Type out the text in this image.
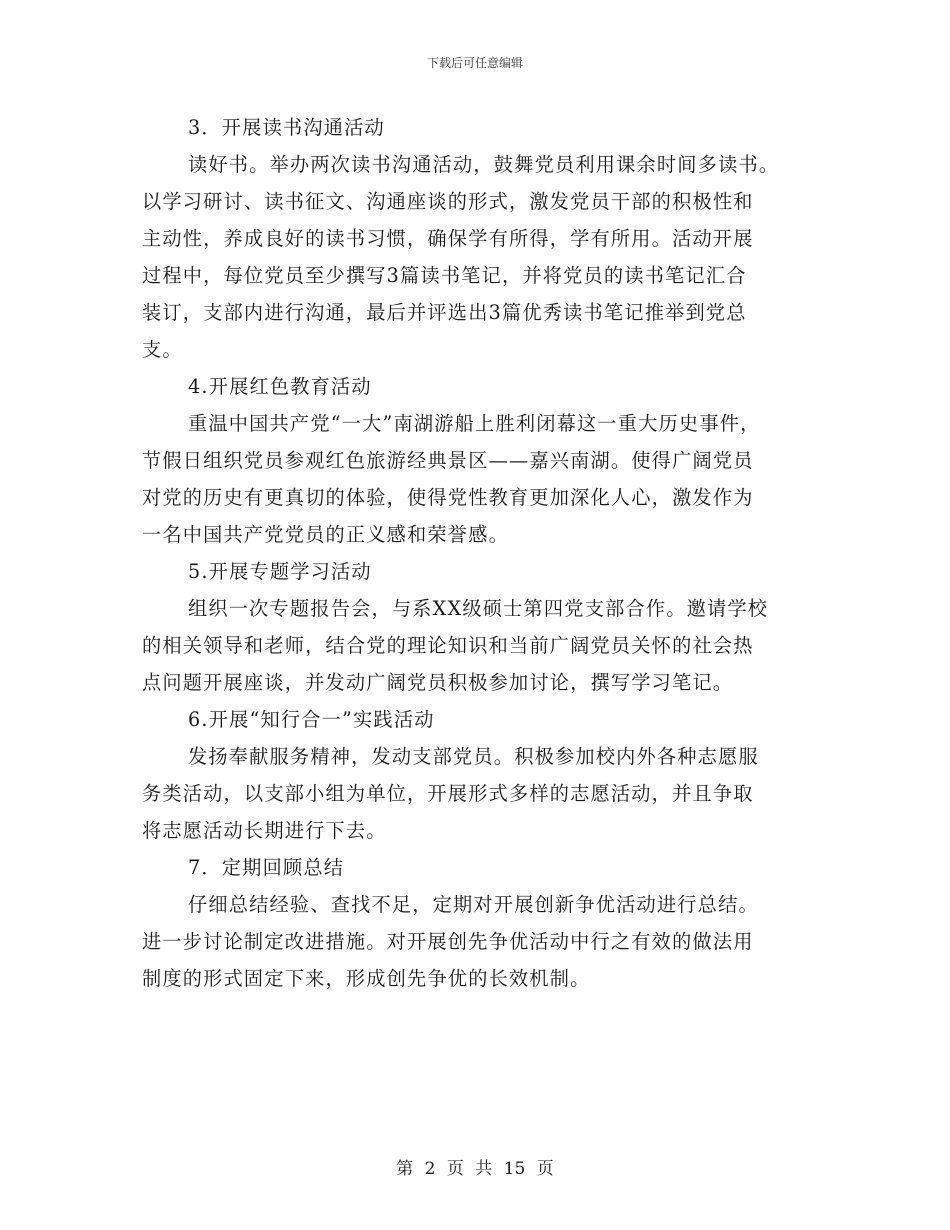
下载后可任意编辑
3．开展读书沟通活动
读好书。举办两次读书沟通活动，鼓舞党员利用课余时间多读书。
以学习研讨、读书征文、沟通座谈的形式，激发党员干部的积极性和
主动性，养成良好的读书习惯，确保学有所得，学有所用。活动开展
过程中，每位党员至少撰写3篇读书笔记，并将党员的读书笔记汇合
装订，支部内进行沟通，最后并评选出3篇优秀读书笔记推举到党总
支。
4.开展红色教育活动
重温中国共产党“一大”南湖游船上胜利闭幕这一重大历史事件，
节假日组织党员参观红色旅游经典景区——嘉兴南湖。使得广阔党员
对党的历史有更真切的体验，使得党性教育更加深化人心，激发作为
一名中国共产党党员的正义感和荣誉感。
5.开展专题学习活动
组织一次专题报告会，与系XX级硕士第四党支部合作。邀请学校
的相关领导和老师，结合党的理论知识和当前广阔党员关怀的社会热
点问题开展座谈，并发动广阔党员积极参加讨论，撰写学习笔记。
6.开展“知行合一”实践活动
发扬奉献服务精神，发动支部党员。积极参加校内外各种志愿服
务类活动，以支部小组为单位，开展形式多样的志愿活动，并且争取
将志愿活动长期进行下去。
7．定期回顾总结
仔细总结经验、查找不足，定期对开展创新争优活动进行总结。
进一步讨论制定改进措施。对开展创先争优活动中行之有效的做法用
制度的形式固定下来，形成创先争优的长效机制。
第 2 页 共 15 页
